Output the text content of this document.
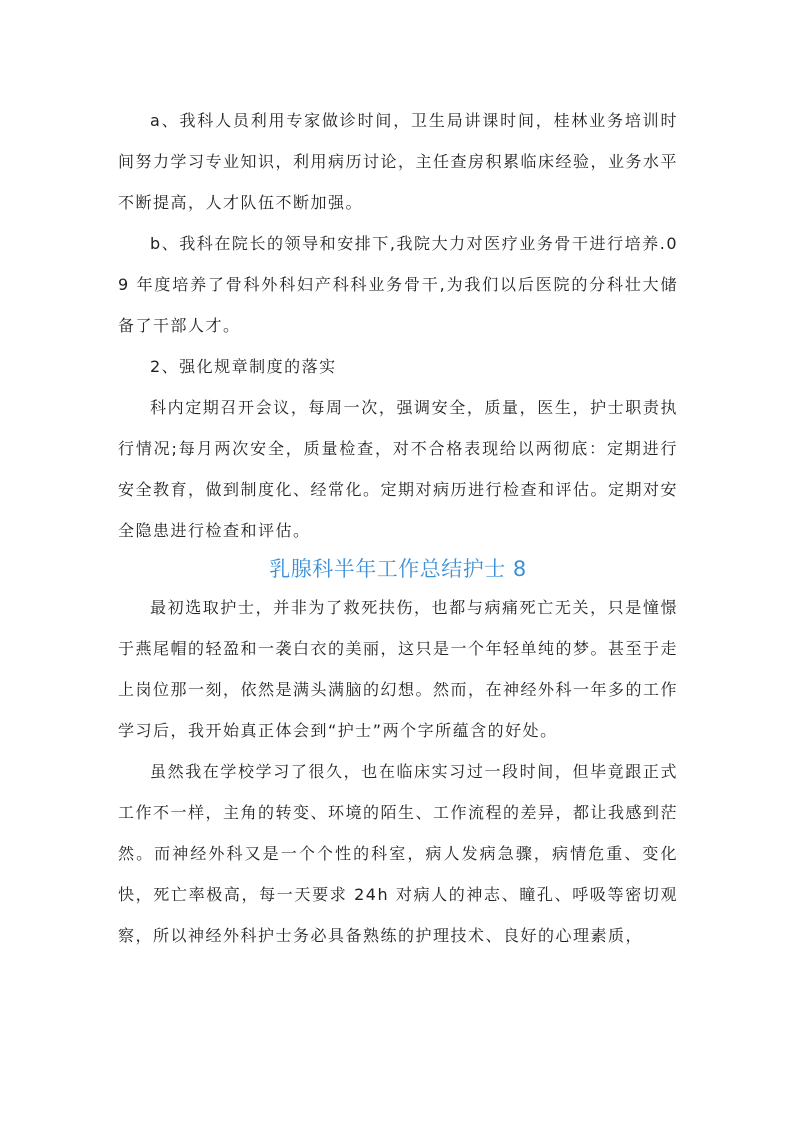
a、我科人员利用专家做诊时间，卫生局讲课时间，桂林业务培训时间努力学习专业知识，利用病历讨论，主任查房积累临床经验，业务水平不断提高，人才队伍不断加强。

b、我科在院长的领导和安排下,我院大力对医疗业务骨干进行培养.09 年度培养了骨科外科妇产科科业务骨干,为我们以后医院的分科壮大储备了干部人才。

2、强化规章制度的落实

科内定期召开会议，每周一次，强调安全，质量，医生，护士职责执行情况;每月两次安全，质量检查，对不合格表现给以两彻底：定期进行安全教育，做到制度化、经常化。定期对病历进行检查和评估。定期对安全隐患进行检查和评估。

乳腺科半年工作总结护士 8

最初选取护士，并非为了救死扶伤，也都与病痛死亡无关，只是憧憬于燕尾帽的轻盈和一袭白衣的美丽，这只是一个年轻单纯的梦。甚至于走上岗位那一刻，依然是满头满脑的幻想。然而，在神经外科一年多的工作学习后，我开始真正体会到“护士”两个字所蕴含的好处。

虽然我在学校学习了很久，也在临床实习过一段时间，但毕竟跟正式工作不一样，主角的转变、环境的陌生、工作流程的差异，都让我感到茫然。而神经外科又是一个个性的科室，病人发病急骤，病情危重、变化快，死亡率极高，每一天要求 24h 对病人的神志、瞳孔、呼吸等密切观察，所以神经外科护士务必具备熟练的护理技术、良好的心理素质，
